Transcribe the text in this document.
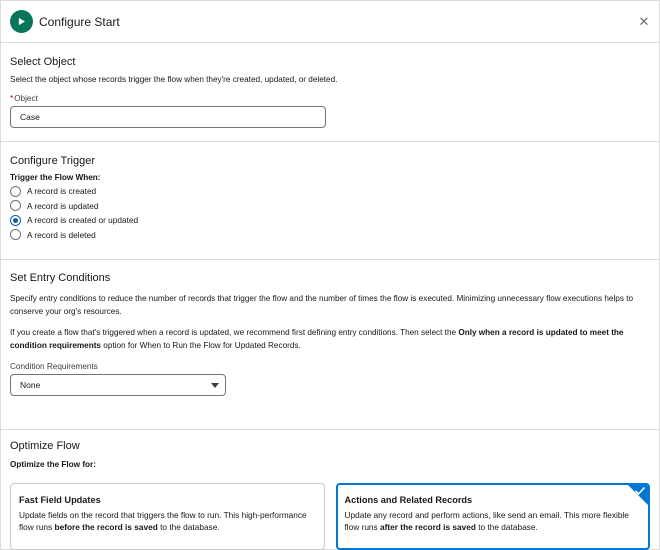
Configure Start	✕
Select Object
Select the object whose records trigger the flow when they're created, updated, or deleted.
*Object
Case
Configure Trigger
Trigger the Flow When:
A record is created
A record is updated
A record is created or updated
A record is deleted
Set Entry Conditions
Specify entry conditions to reduce the number of records that trigger the flow and the number of times the flow is executed. Minimizing unnecessary flow executions helps to conserve your org's resources.
If you create a flow that's triggered when a record is updated, we recommend first defining entry conditions. Then select the Only when a record is updated to meet the condition requirements option for When to Run the Flow for Updated Records.
Condition Requirements
None
Optimize Flow
Optimize the Flow for:
Fast Field Updates
Update fields on the record that triggers the flow to run. This high-performance flow runs before the record is saved to the database.
Actions and Related Records
Update any record and perform actions, like send an email. This more flexible flow runs after the record is saved to the database.
